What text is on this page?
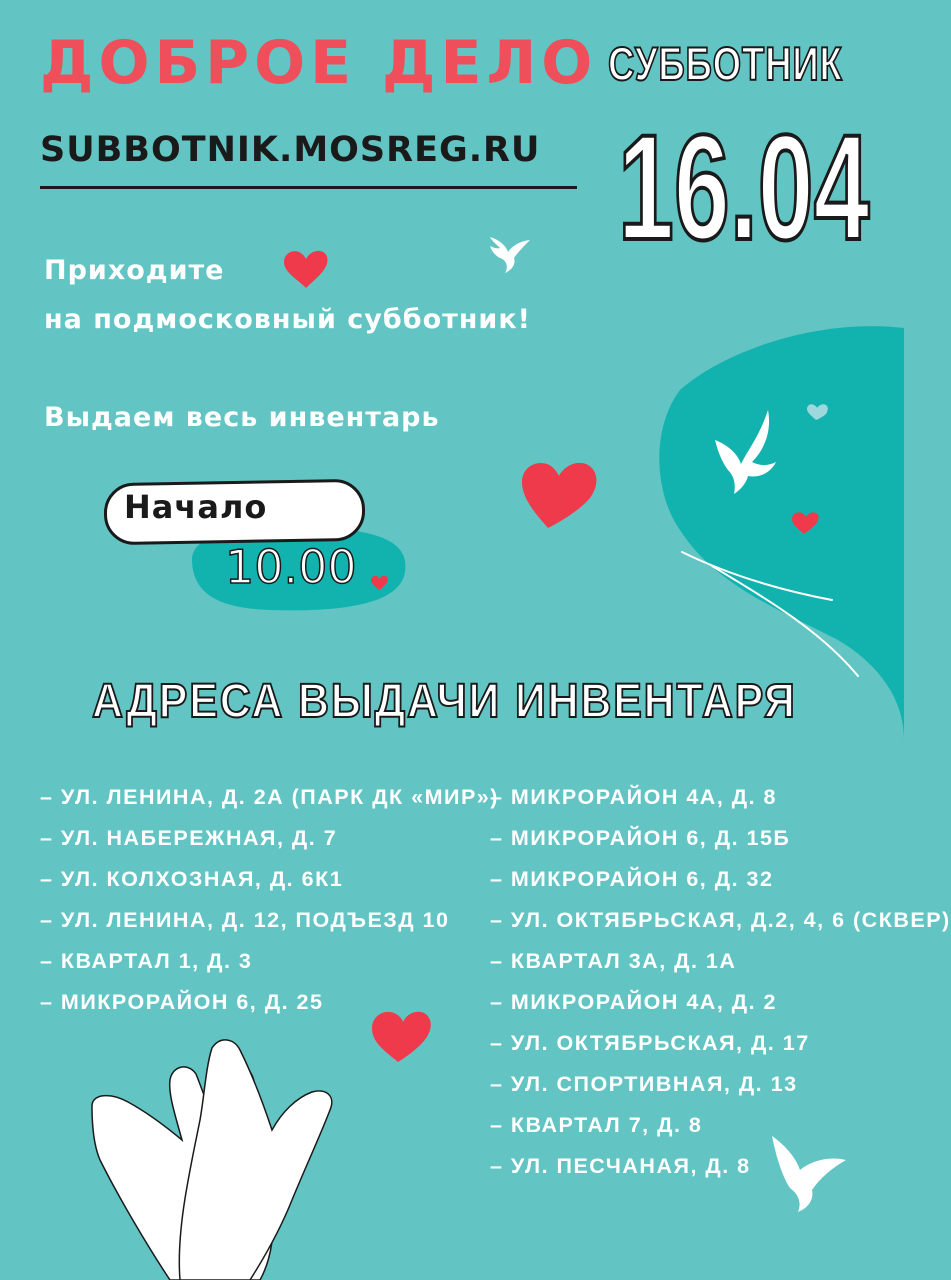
ДОБРОЕ ДЕЛО СУББОТНИК
SUBBOTNIK.MOSREG.RU 16.04
Приходите
на подмосковный субботник!
Выдаем весь инвентарь
Начало
10.00
АДРЕСА ВЫДАЧИ ИНВЕНТАРЯ
– УЛ. ЛЕНИНА, Д. 2А (ПАРК ДК «МИР»)
– УЛ. НАБЕРЕЖНАЯ, Д. 7
– УЛ. КОЛХОЗНАЯ, Д. 6К1
– УЛ. ЛЕНИНА, Д. 12, ПОДЪЕЗД 10
– КВАРТАЛ 1, Д. 3
– МИКРОРАЙОН 6, Д. 25
– МИКРОРАЙОН 4А, Д. 8
– МИКРОРАЙОН 6, Д. 15Б
– МИКРОРАЙОН 6, Д. 32
– УЛ. ОКТЯБРЬСКАЯ, Д.2, 4, 6 (СКВЕР)
– КВАРТАЛ 3А, Д. 1А
– МИКРОРАЙОН 4А, Д. 2
– УЛ. ОКТЯБРЬСКАЯ, Д. 17
– УЛ. СПОРТИВНАЯ, Д. 13
– КВАРТАЛ 7, Д. 8
– УЛ. ПЕСЧАНАЯ, Д. 8
